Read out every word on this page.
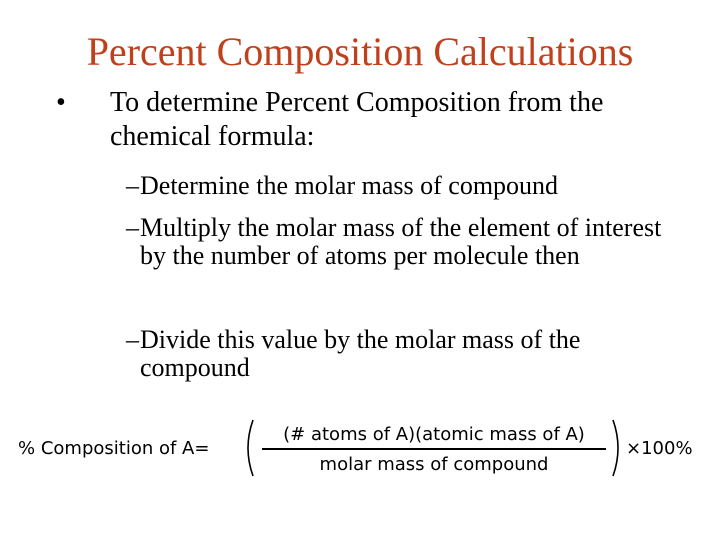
Percent Composition Calculations
• To determine Percent Composition from the chemical formula:
– Determine the molar mass of compound
– Multiply the molar mass of the element of interest by the number of atoms per molecule then
– Divide this value by the molar mass of the compound
% Composition of A=
(# atoms of A)(atomic mass of A)
molar mass of compound
×100%
